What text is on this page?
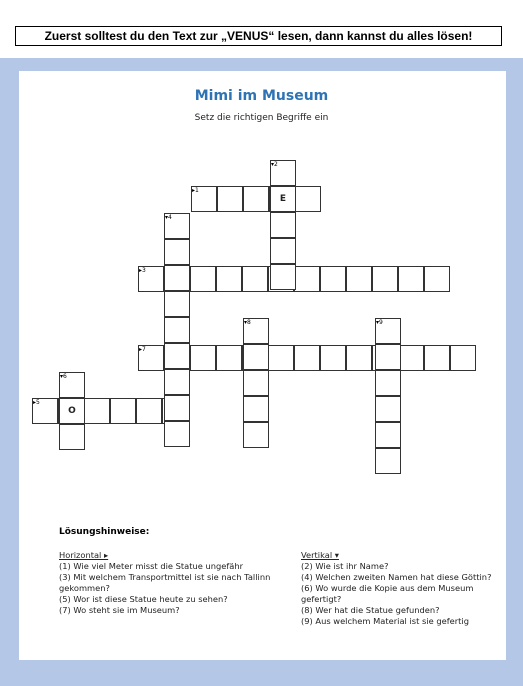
Zuerst solltest du den Text zur „VENUS“ lesen, dann kannst du alles lösen!
Mimi im Museum
Setz die richtigen Begriffe ein
E
O
▸1
▾2
▸3
▾4
▸5
▾6
▸7
▾8	▾9
Lösungshinweise:
Horizontal ▸
(1) Wie viel Meter misst die Statue ungefähr
(3) Mit welchem Transportmittel ist sie nach Tallinn gekommen?
(5) Wor ist diese Statue heute zu sehen?
(7) Wo steht sie im Museum?
Vertikal ▾
(2) Wie ist ihr Name?
(4) Welchen zweiten Namen hat diese Göttin?
(6) Wo wurde die Kopie aus dem Museum gefertigt?
(8) Wer hat die Statue gefunden?
(9) Aus welchem Material ist sie gefertig
